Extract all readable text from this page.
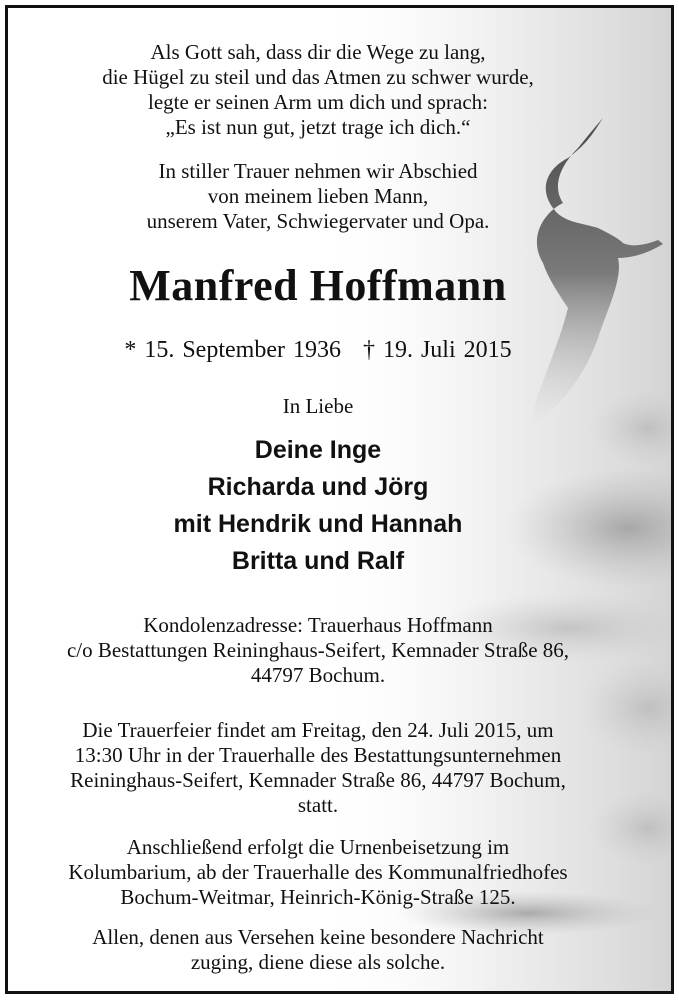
Als Gott sah, dass dir die Wege zu lang,
die Hügel zu steil und das Atmen zu schwer wurde,
legte er seinen Arm um dich und sprach:
„Es ist nun gut, jetzt trage ich dich.“
In stiller Trauer nehmen wir Abschied
von meinem lieben Mann,
unserem Vater, Schwiegervater und Opa.
Manfred Hoffmann
* 15. September 1936 † 19. Juli 2015
In Liebe
Deine Inge
Richarda und Jörg
mit Hendrik und Hannah
Britta und Ralf
Kondolenzadresse: Trauerhaus Hoffmann
c/o Bestattungen Reininghaus-Seifert, Kemnader Straße 86,
44797 Bochum.
Die Trauerfeier findet am Freitag, den 24. Juli 2015, um
13:30 Uhr in der Trauerhalle des Bestattungsunternehmen
Reininghaus-Seifert, Kemnader Straße 86, 44797 Bochum,
statt.
Anschließend erfolgt die Urnenbeisetzung im
Kolumbarium, ab der Trauerhalle des Kommunalfriedhofes
Bochum-Weitmar, Heinrich-König-Straße 125.
Allen, denen aus Versehen keine besondere Nachricht
zuging, diene diese als solche.
